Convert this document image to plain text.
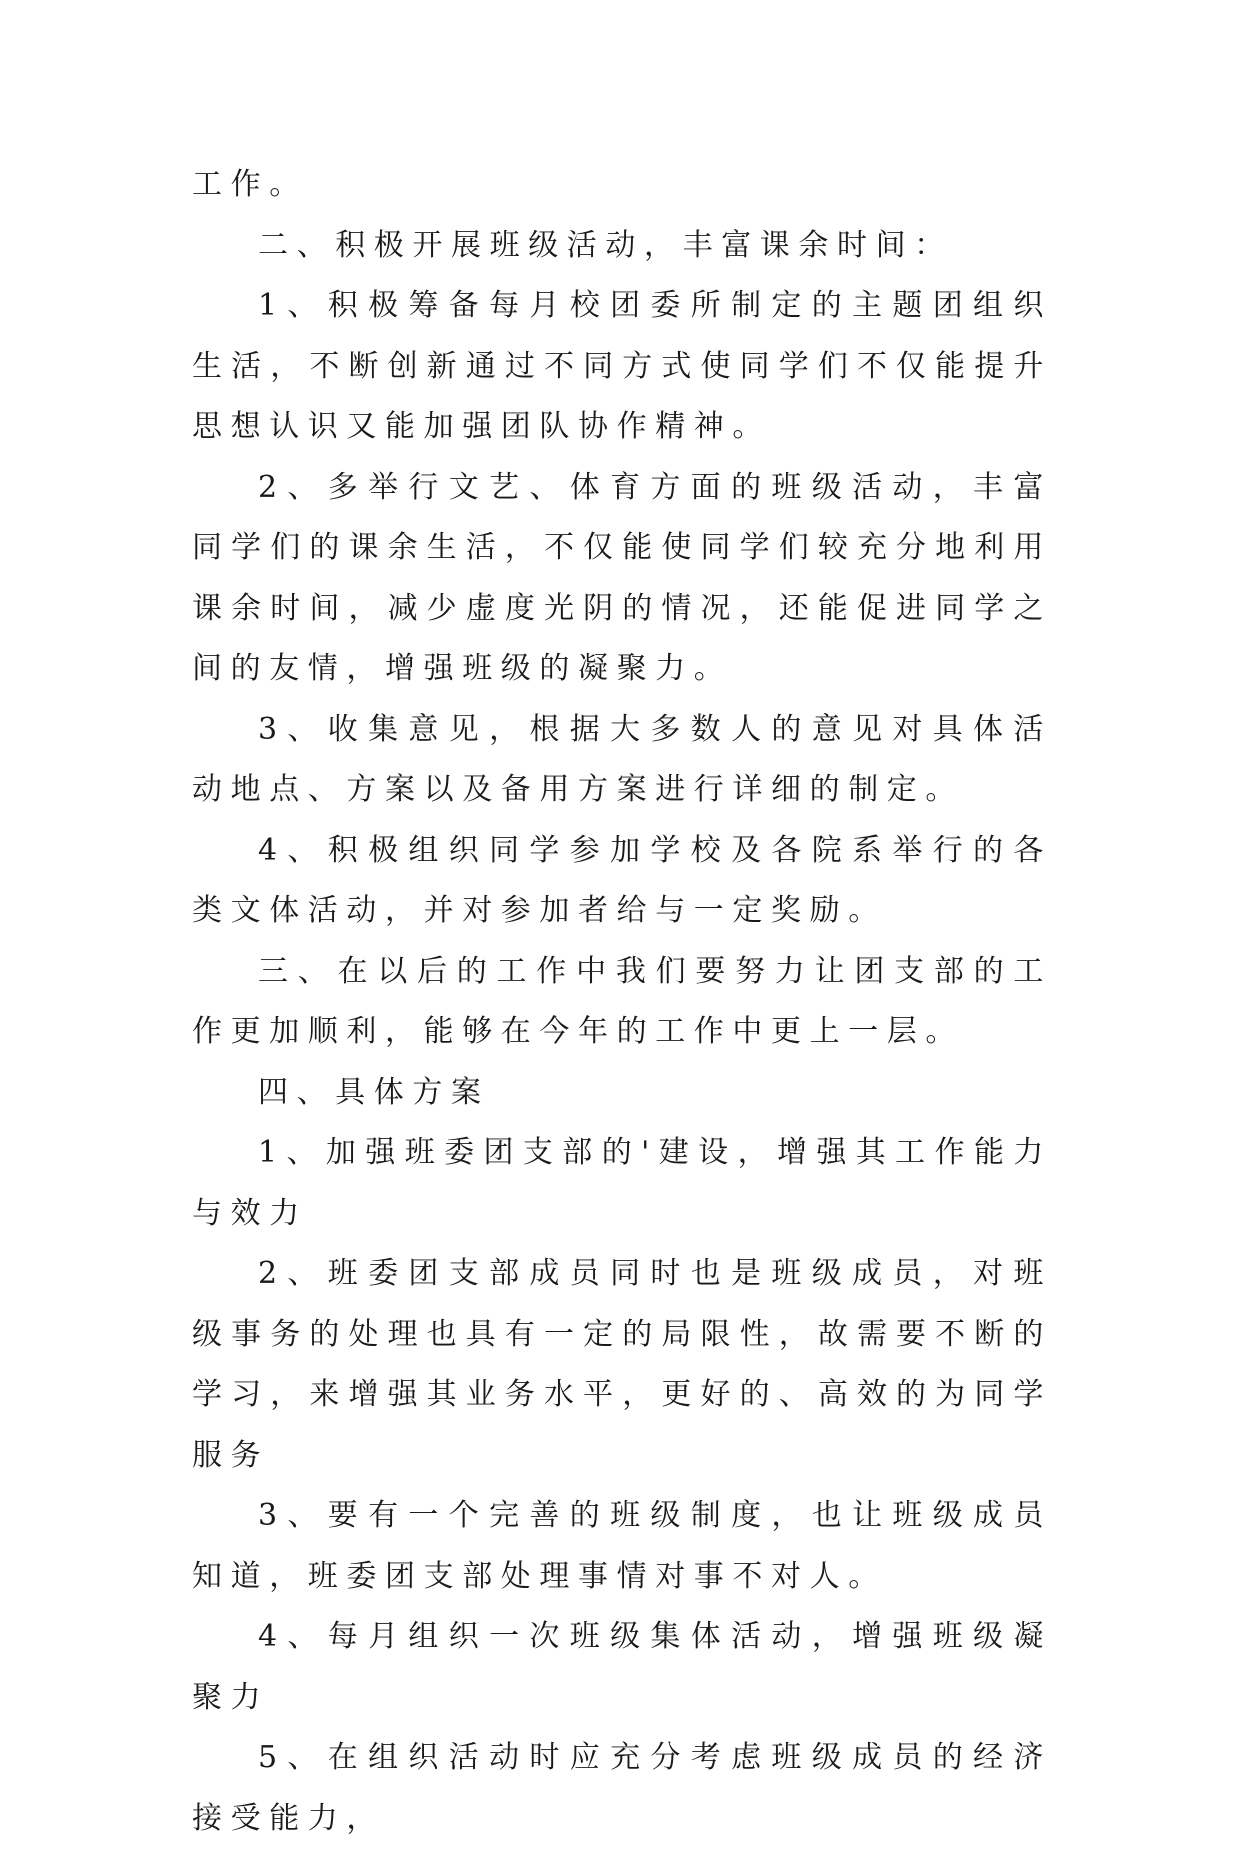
工作。

二、积极开展班级活动，丰富课余时间：

1、积极筹备每月校团委所制定的主题团组织生活，不断创新通过不同方式使同学们不仅能提升思想认识又能加强团队协作精神。

2、多举行文艺、体育方面的班级活动，丰富同学们的课余生活，不仅能使同学们较充分地利用课余时间，减少虚度光阴的情况，还能促进同学之间的友情，增强班级的凝聚力。

3、收集意见，根据大多数人的意见对具体活动地点、方案以及备用方案进行详细的制定。

4、积极组织同学参加学校及各院系举行的各类文体活动，并对参加者给与一定奖励。

三、在以后的工作中我们要努力让团支部的工作更加顺利，能够在今年的工作中更上一层。

四、具体方案

1、加强班委团支部的'建设，增强其工作能力与效力

2、班委团支部成员同时也是班级成员，对班级事务的处理也具有一定的局限性，故需要不断的学习，来增强其业务水平，更好的、高效的为同学服务

3、要有一个完善的班级制度，也让班级成员知道，班委团支部处理事情对事不对人。

4、每月组织一次班级集体活动，增强班级凝聚力

5、在组织活动时应充分考虑班级成员的经济接受能力，
